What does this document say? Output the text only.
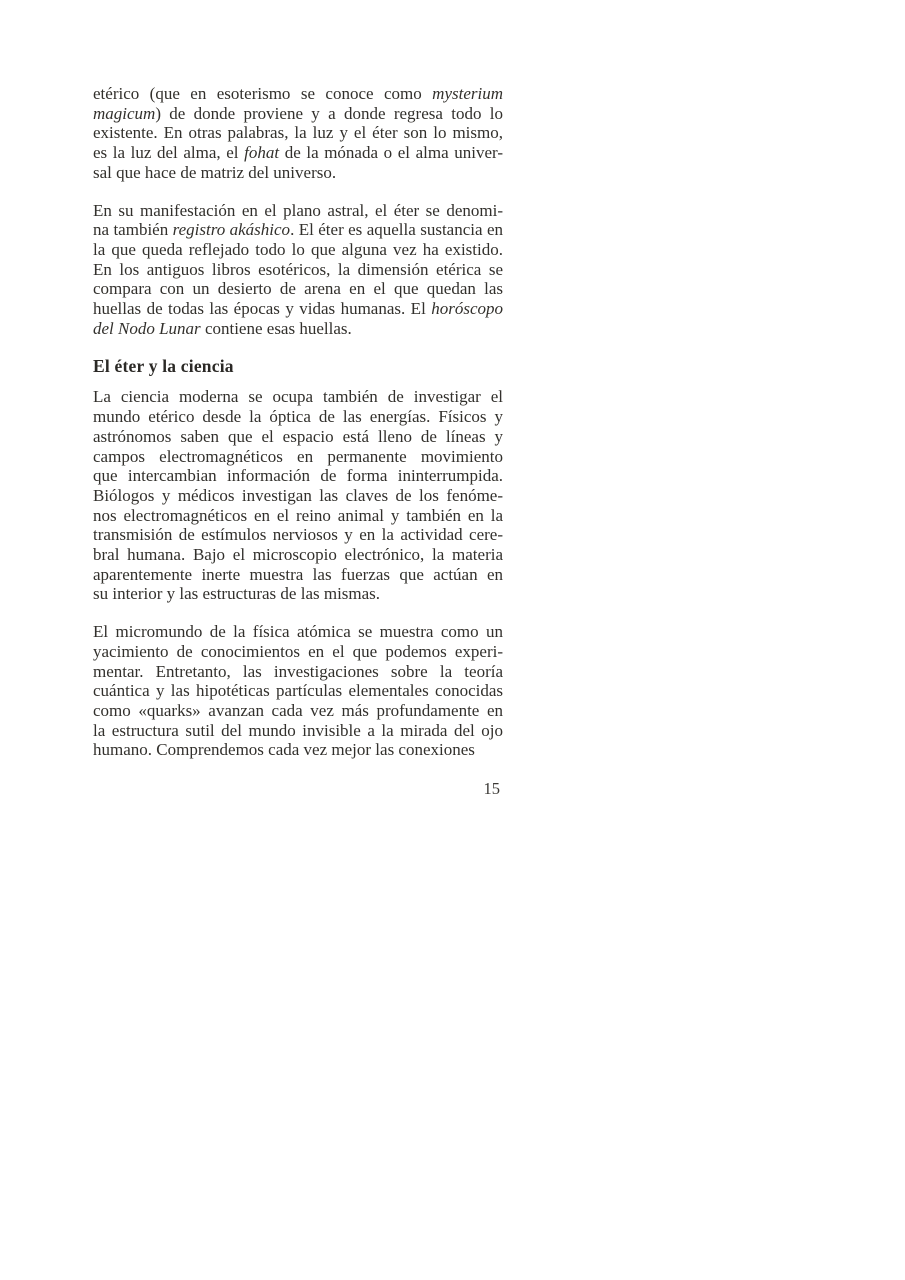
etérico (que en esoterismo se conoce como mysterium
magicum) de donde proviene y a donde regresa todo lo
existente. En otras palabras, la luz y el éter son lo mismo,
es la luz del alma, el fohat de la mónada o el alma univer-
sal que hace de matriz del universo.
En su manifestación en el plano astral, el éter se denomi-
na también registro akáshico. El éter es aquella sustancia en
la que queda reflejado todo lo que alguna vez ha existido.
En los antiguos libros esotéricos, la dimensión etérica se
compara con un desierto de arena en el que quedan las
huellas de todas las épocas y vidas humanas. El horóscopo
del Nodo Lunar contiene esas huellas.
El éter y la ciencia
La ciencia moderna se ocupa también de investigar el
mundo etérico desde la óptica de las energías. Físicos y
astrónomos saben que el espacio está lleno de líneas y
campos electromagnéticos en permanente movimiento
que intercambian información de forma ininterrumpida.
Biólogos y médicos investigan las claves de los fenóme-
nos electromagnéticos en el reino animal y también en la
transmisión de estímulos nerviosos y en la actividad cere-
bral humana. Bajo el microscopio electrónico, la materia
aparentemente inerte muestra las fuerzas que actúan en
su interior y las estructuras de las mismas.
El micromundo de la física atómica se muestra como un
yacimiento de conocimientos en el que podemos experi-
mentar. Entretanto, las investigaciones sobre la teoría
cuántica y las hipotéticas partículas elementales conocidas
como «quarks» avanzan cada vez más profundamente en
la estructura sutil del mundo invisible a la mirada del ojo
humano. Comprendemos cada vez mejor las conexiones
15
